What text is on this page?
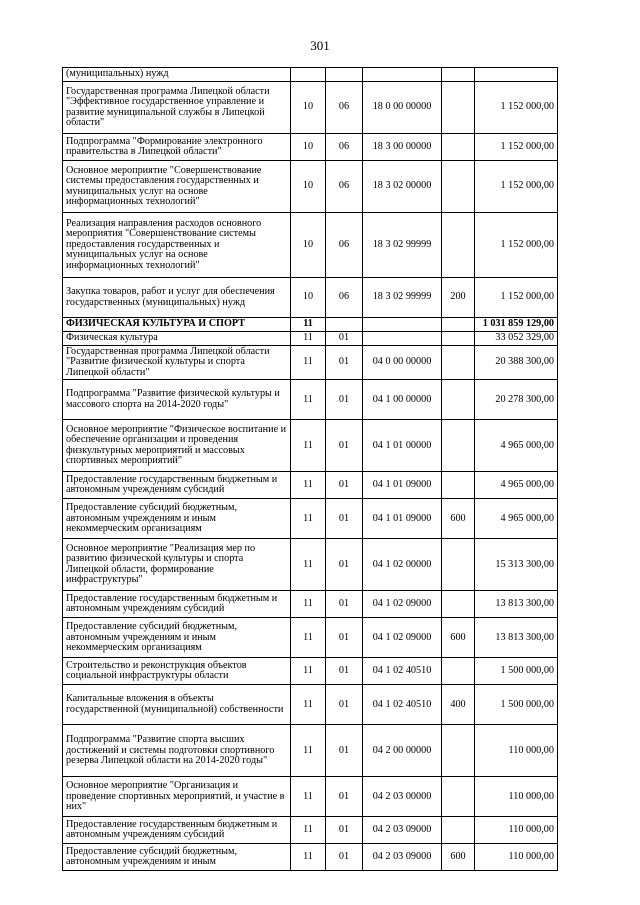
301
(муниципальных) нужд					
Государственная программа Липецкой области "Эффективное государственное управление и развитие муниципальной службы в Липецкой области"	10	06	18 0 00 00000		1 152 000,00
Подпрограмма "Формирование электронного правительства в Липецкой области"	10	06	18 3 00 00000		1 152 000,00
Основное мероприятие "Совершенствование системы предоставления государственных и муниципальных услуг на основе информационных технологий"	10	06	18 3 02 00000		1 152 000,00
Реализация направления расходов основного мероприятия "Совершенствование системы предоставления государственных и муниципальных услуг на основе информационных технологий"	10	06	18 3 02 99999		1 152 000,00
Закупка товаров, работ и услуг для обеспечения государственных (муниципальных) нужд	10	06	18 3 02 99999	200	1 152 000,00
ФИЗИЧЕСКАЯ КУЛЬТУРА И СПОРТ	11				1 031 859 129,00
Физическая культура	11	01			33 052 329,00
Государственная программа Липецкой области "Развитие физической культуры и спорта Липецкой области"	11	01	04 0 00 00000		20 388 300,00
Подпрограмма "Развитие физической культуры и массового спорта на 2014-2020 годы"	11	01	04 1 00 00000		20 278 300,00
Основное мероприятие "Физическое воспитание и обеспечение организации и проведения физкультурных мероприятий и массовых спортивных мероприятий"	11	01	04 1 01 00000		4 965 000,00
Предоставление государственным бюджетным и автономным учреждениям субсидий	11	01	04 1 01 09000		4 965 000,00
Предоставление субсидий бюджетным, автономным учреждениям и иным некоммерческим организациям	11	01	04 1 01 09000	600	4 965 000,00
Основное мероприятие "Реализация мер по развитию физической культуры и спорта Липецкой области, формирование инфраструктуры"	11	01	04 1 02 00000		15 313 300,00
Предоставление государственным бюджетным и автономным учреждениям субсидий	11	01	04 1 02 09000		13 813 300,00
Предоставление субсидий бюджетным, автономным учреждениям и иным некоммерческим организациям	11	01	04 1 02 09000	600	13 813 300,00
Строительство и реконструкция объектов социальной инфраструктуры области	11	01	04 1 02 40510		1 500 000,00
Капитальные вложения в объекты государственной (муниципальной) собственности	11	01	04 1 02 40510	400	1 500 000,00
Подпрограмма "Развитие спорта высших достижений и системы подготовки спортивного резерва Липецкой области на 2014-2020 годы"	11	01	04 2 00 00000		110 000,00
Основное мероприятие "Организация и проведение спортивных мероприятий, и участие в них"	11	01	04 2 03 00000		110 000,00
Предоставление государственным бюджетным и автономным учреждениям субсидий	11	01	04 2 03 09000		110 000,00
Предоставление субсидий бюджетным, автономным учреждениям и иным	11	01	04 2 03 09000	600	110 000,00
